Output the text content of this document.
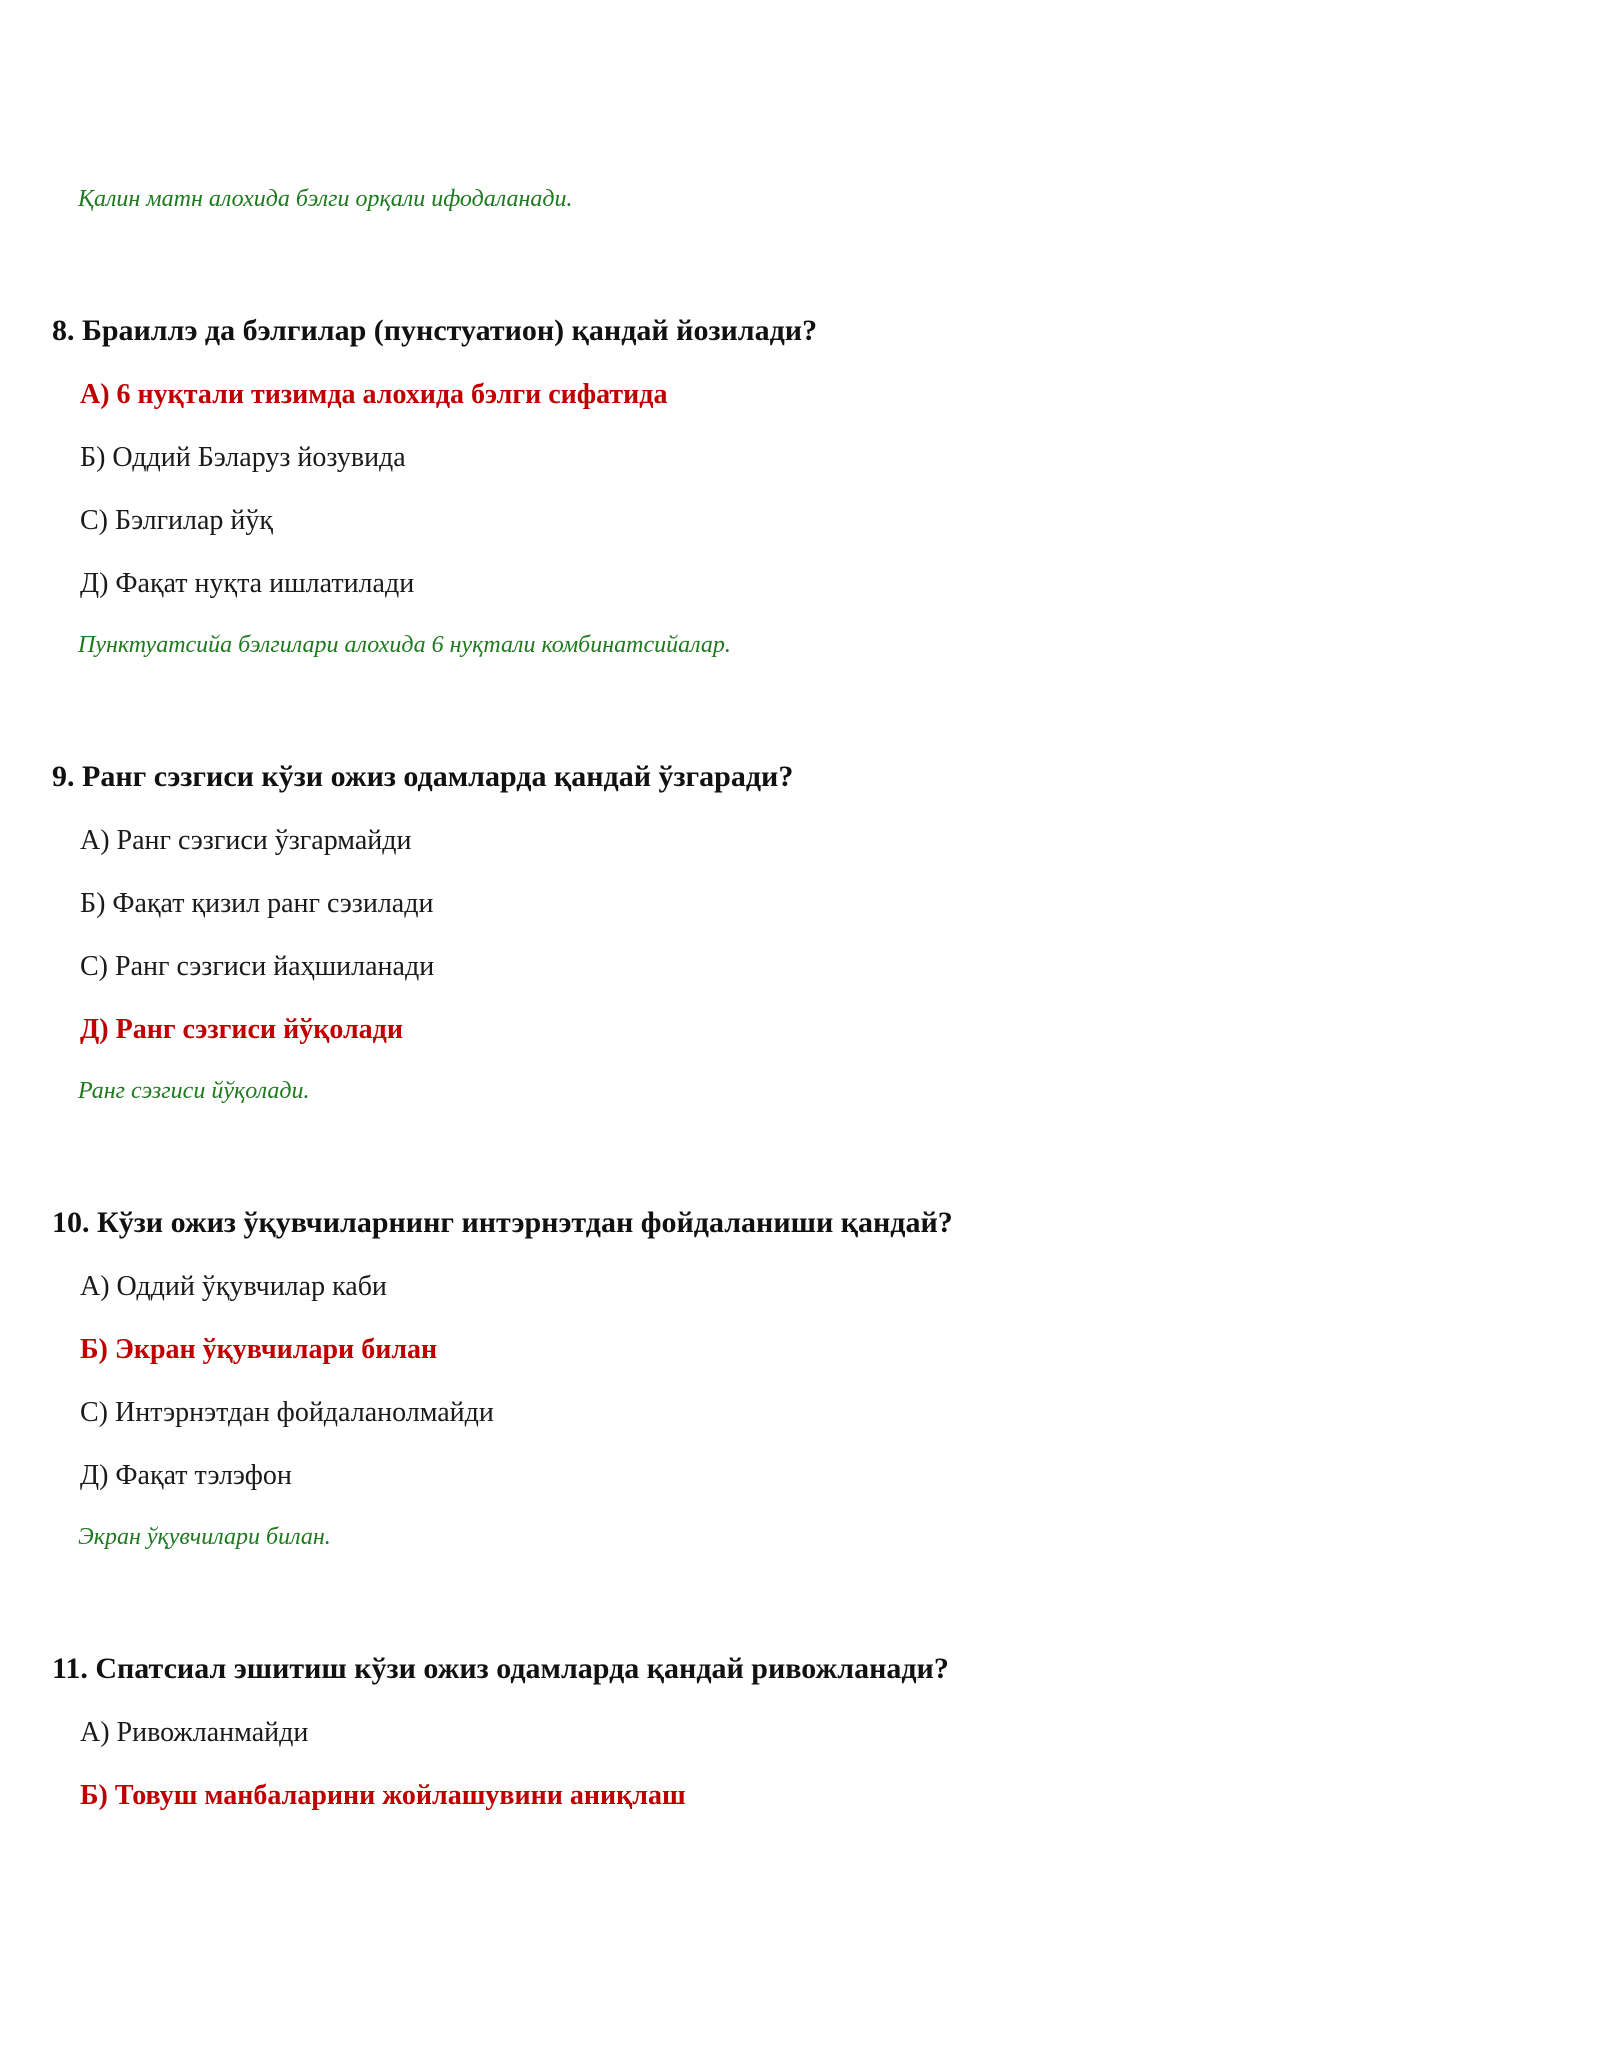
Қалин матн алохида бэлги орқали ифодаланади.
8. Браиллэ да бэлгилар (пунстуатион) қандай йозилади?
А) 6 нуқтали тизимда алохида бэлги сифатида
Б) Оддий Бэларуз йозувида
С) Бэлгилар йўқ
Д) Фақат нуқта ишлатилади
Пунктуатсийа бэлгилари алохида 6 нуқтали комбинатсийалар.
9. Ранг сэзгиси кўзи ожиз одамларда қандай ўзгаради?
А) Ранг сэзгиси ўзгармайди
Б) Фақат қизил ранг сэзилади
С) Ранг сэзгиси йаҳшиланади
Д) Ранг сэзгиси йўқолади
Ранг сэзгиси йўқолади.
10. Кўзи ожиз ўқувчиларнинг интэрнэтдан фойдаланиши қандай?
А) Оддий ўқувчилар каби
Б) Экран ўқувчилари билан
С) Интэрнэтдан фойдаланолмайди
Д) Фақат тэлэфон
Экран ўқувчилари билан.
11. Спатсиал эшитиш кўзи ожиз одамларда қандай ривожланади?
А) Ривожланмайди
Б) Товуш манбаларини жойлашувини аниқлаш
